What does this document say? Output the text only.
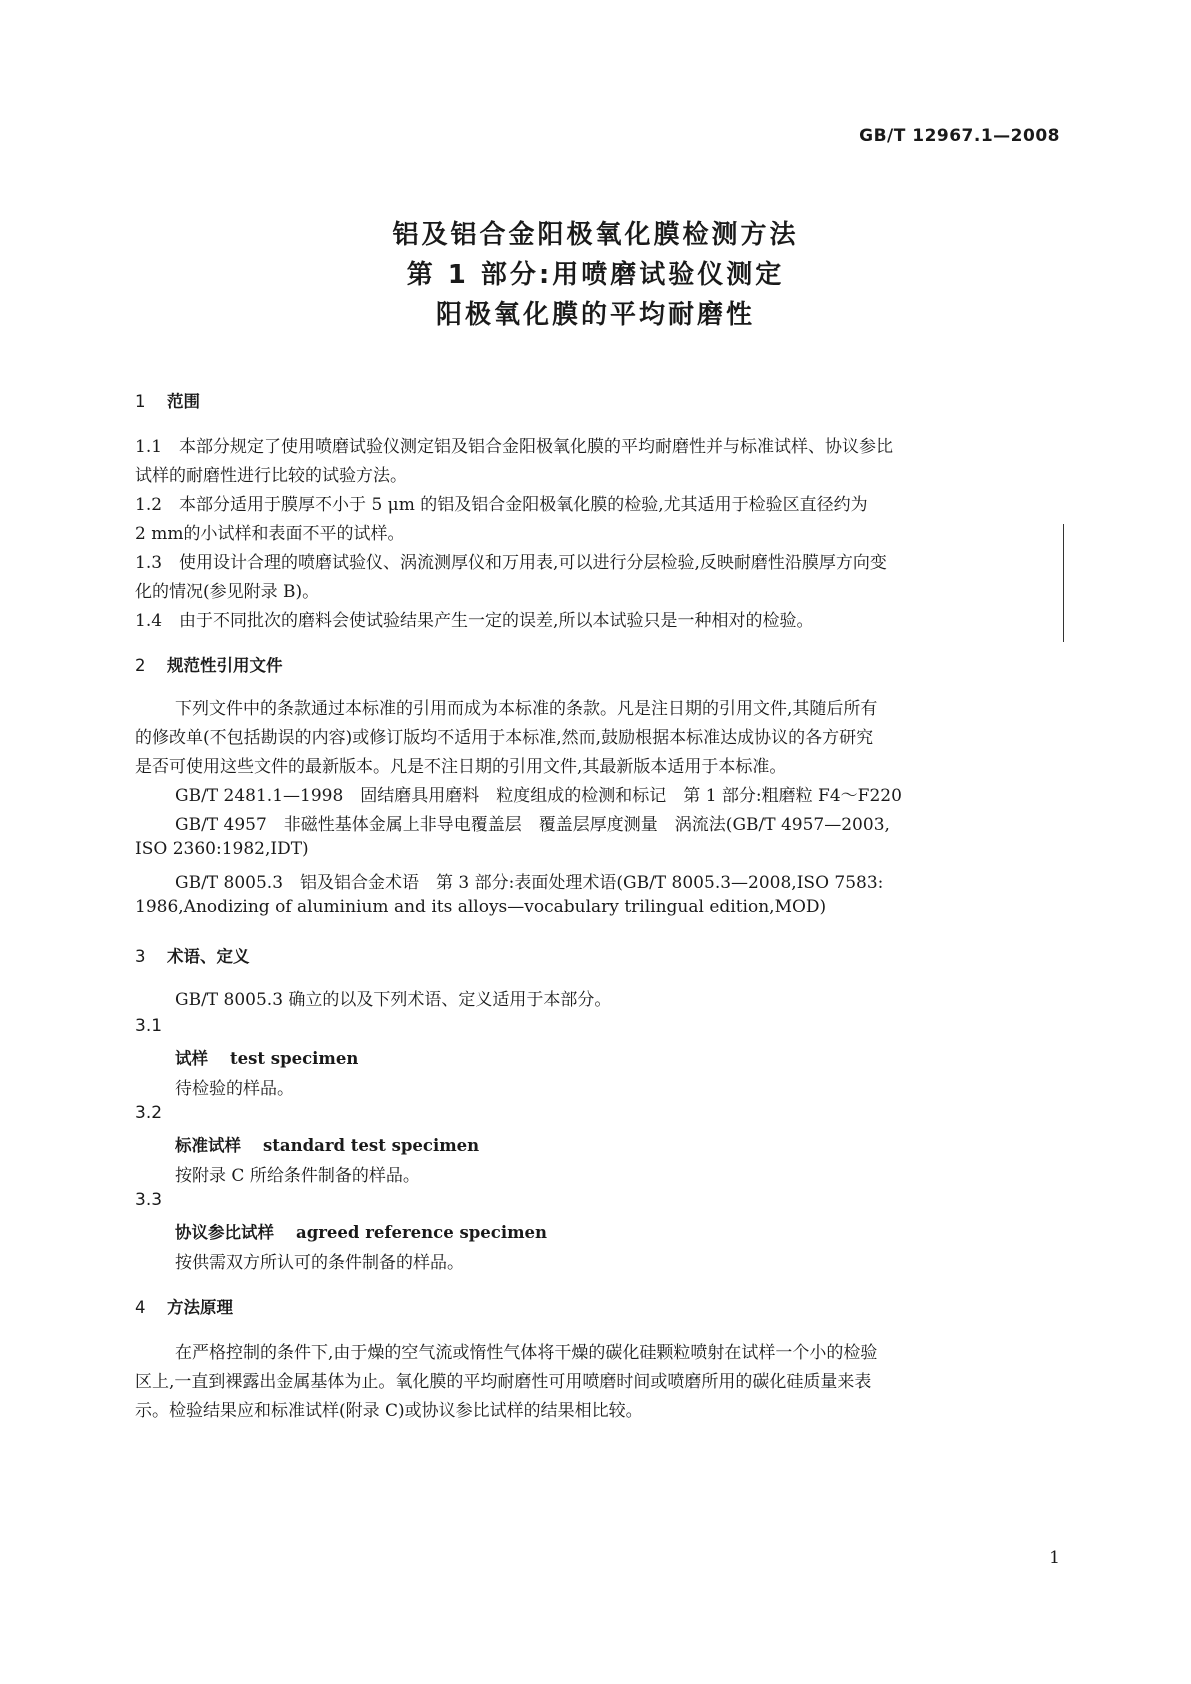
GB/T 12967.1—2008

铝及铝合金阳极氧化膜检测方法

第 1 部分:用喷磨试验仪测定

阳极氧化膜的平均耐磨性

1 范围

1.1　本部分规定了使用喷磨试验仪测定铝及铝合金阳极氧化膜的平均耐磨性并与标准试样、协议参比

试样的耐磨性进行比较的试验方法。

1.2　本部分适用于膜厚不小于 5 μm 的铝及铝合金阳极氧化膜的检验,尤其适用于检验区直径约为

2 mm的小试样和表面不平的试样。

1.3　使用设计合理的喷磨试验仪、涡流测厚仪和万用表,可以进行分层检验,反映耐磨性沿膜厚方向变

化的情况(参见附录 B)。

1.4　由于不同批次的磨料会使试验结果产生一定的误差,所以本试验只是一种相对的检验。

2 规范性引用文件

下列文件中的条款通过本标准的引用而成为本标准的条款。凡是注日期的引用文件,其随后所有

的修改单(不包括勘误的内容)或修订版均不适用于本标准,然而,鼓励根据本标准达成协议的各方研究

是否可使用这些文件的最新版本。凡是不注日期的引用文件,其最新版本适用于本标准。

GB/T 2481.1—1998　固结磨具用磨料　粒度组成的检测和标记　第 1 部分:粗磨粒 F4～F220

GB/T 4957　非磁性基体金属上非导电覆盖层　覆盖层厚度测量　涡流法(GB/T 4957—2003,

ISO 2360:1982,IDT)

GB/T 8005.3　铝及铝合金术语　第 3 部分:表面处理术语(GB/T 8005.3—2008,ISO 7583:

1986,Anodizing of aluminium and its alloys—vocabulary trilingual edition,MOD)

3 术语、定义

GB/T 8005.3 确立的以及下列术语、定义适用于本部分。

3.1

试样 test specimen

待检验的样品。

3.2

标准试样 standard test specimen

按附录 C 所给条件制备的样品。

3.3

协议参比试样 agreed reference specimen

按供需双方所认可的条件制备的样品。

4 方法原理

在严格控制的条件下,由于燥的空气流或惰性气体将干燥的碳化硅颗粒喷射在试样一个小的检验

区上,一直到裸露出金属基体为止。氧化膜的平均耐磨性可用喷磨时间或喷磨所用的碳化硅质量来表

示。检验结果应和标准试样(附录 C)或协议参比试样的结果相比较。

1
